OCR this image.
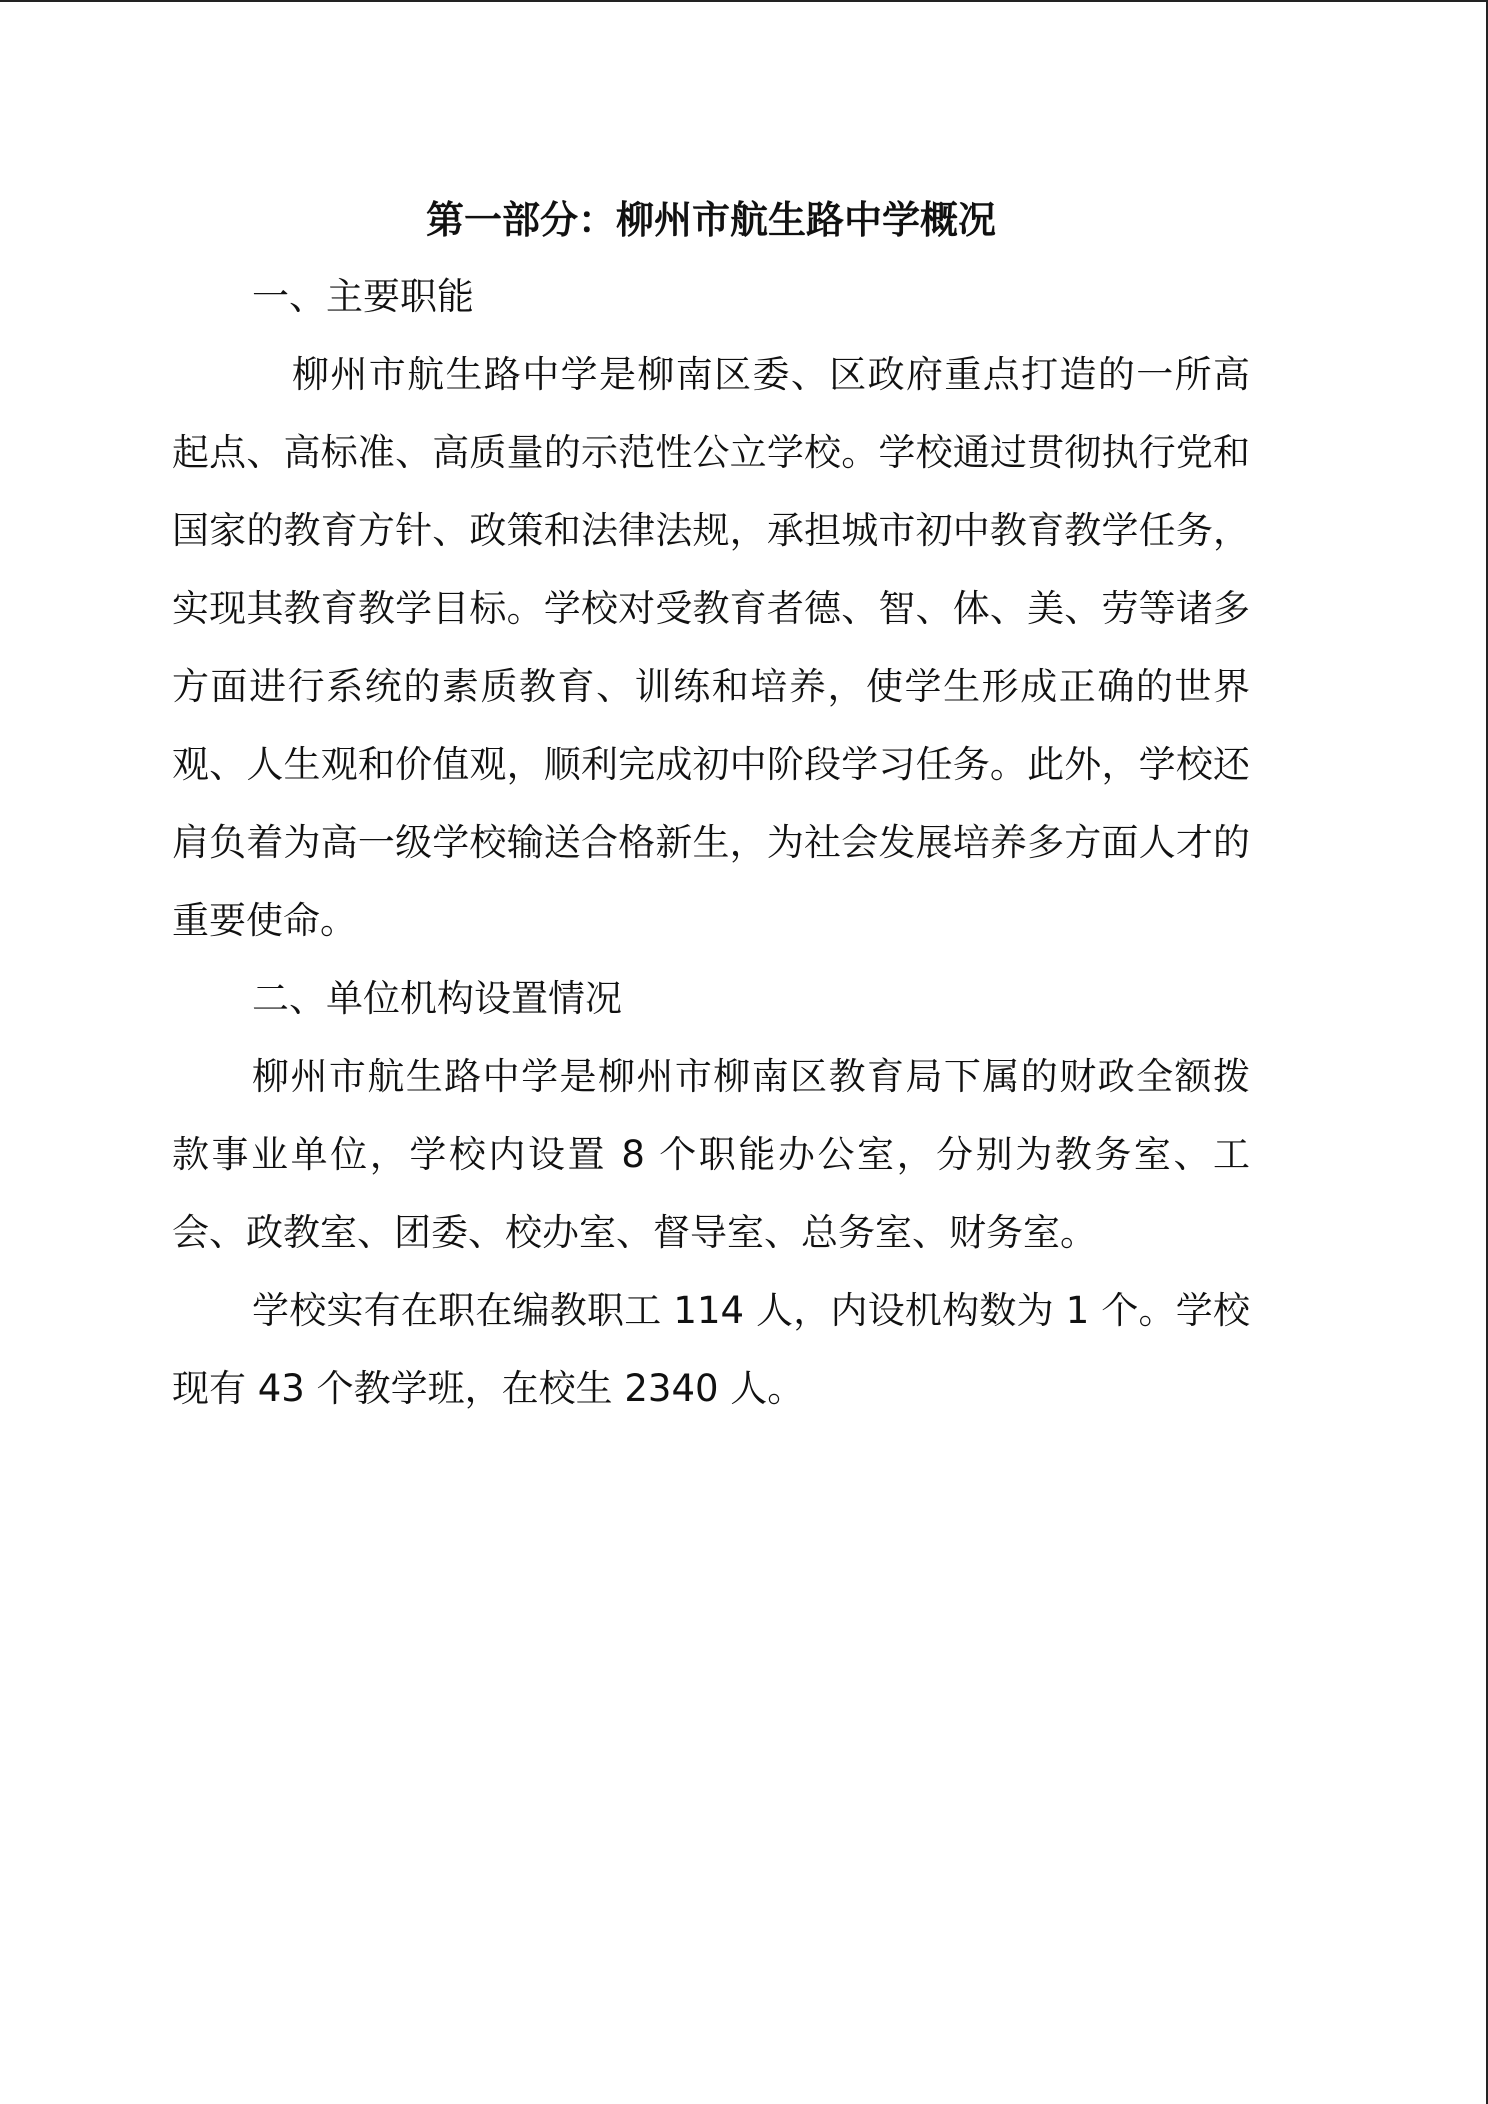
第一部分：柳州市航生路中学概况

一、主要职能

柳州市航生路中学是柳南区委、区政府重点打造的一所高起点、高标准、高质量的示范性公立学校。学校通过贯彻执行党和国家的教育方针、政策和法律法规，承担城市初中教育教学任务，实现其教育教学目标。学校对受教育者德、智、体、美、劳等诸多方面进行系统的素质教育、训练和培养，使学生形成正确的世界观、人生观和价值观，顺利完成初中阶段学习任务。此外，学校还肩负着为高一级学校输送合格新生，为社会发展培养多方面人才的重要使命。

二、单位机构设置情况

柳州市航生路中学是柳州市柳南区教育局下属的财政全额拨款事业单位，学校内设置 8 个职能办公室，分别为教务室、工会、政教室、团委、校办室、督导室、总务室、财务室。

学校实有在职在编教职工 114 人，内设机构数为 1 个。学校现有 43 个教学班，在校生 2340 人。
